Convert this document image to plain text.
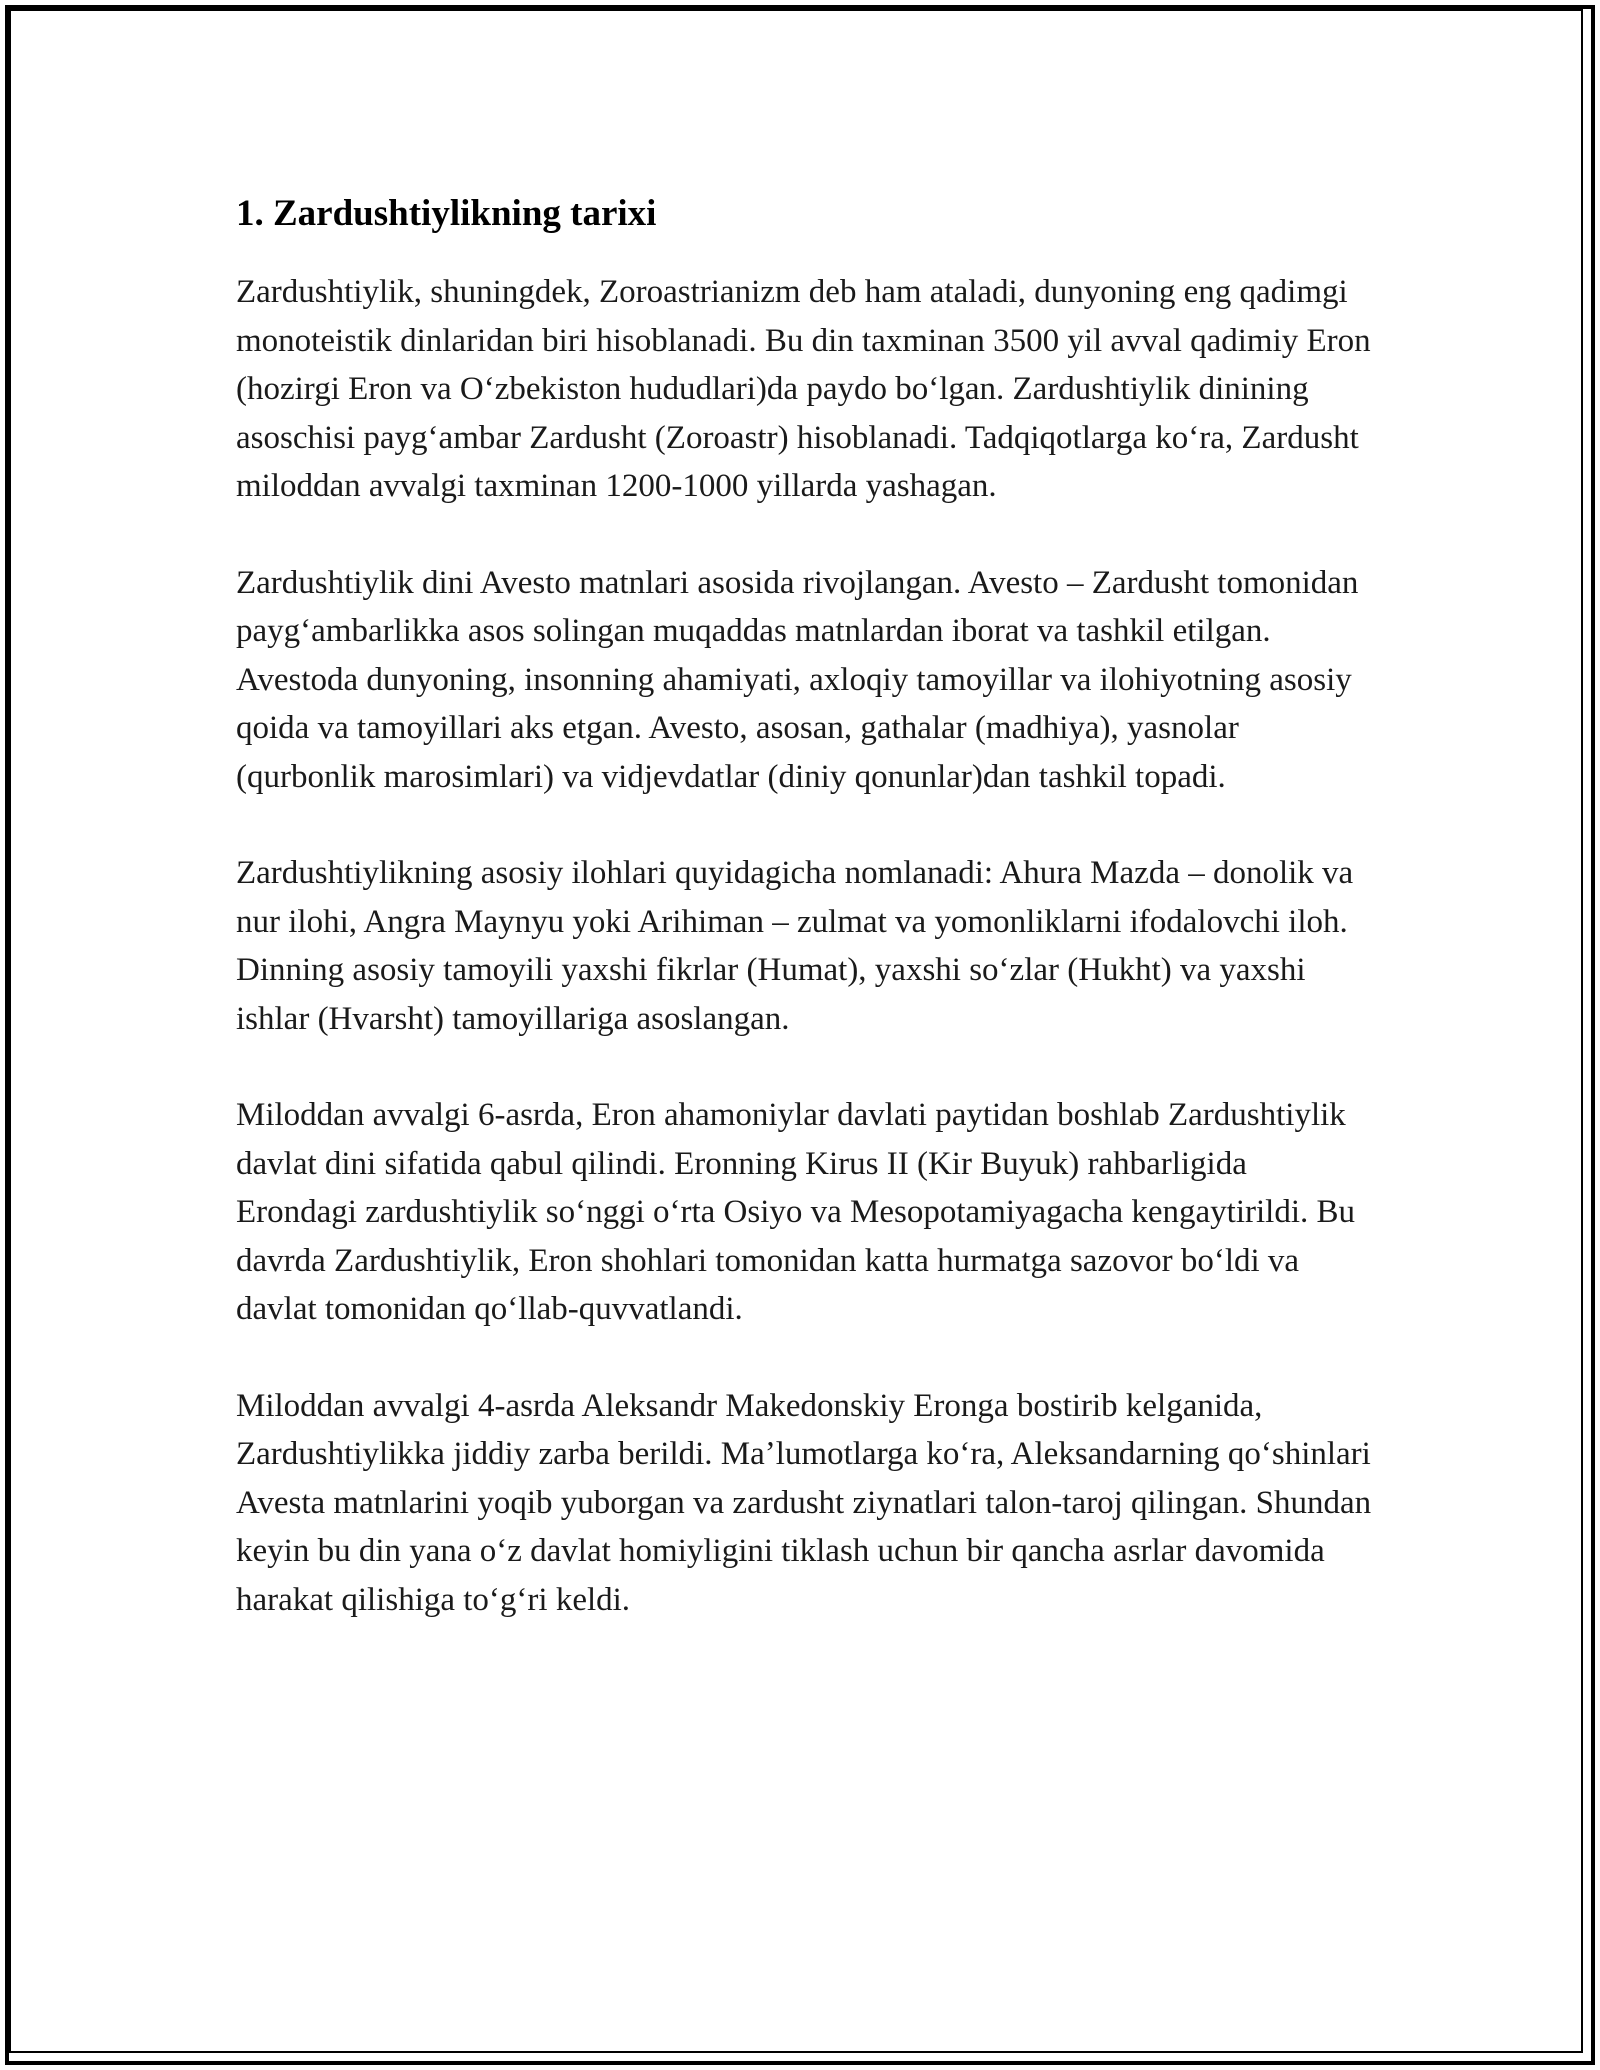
1. Zardushtiylikning tarixi

Zardushtiylik, shuningdek, Zoroastrianizm deb ham ataladi, dunyoning eng qadimgi monoteistik dinlaridan biri hisoblanadi. Bu din taxminan 3500 yil avval qadimiy Eron (hozirgi Eron va Oʻzbekiston hududlari)da paydo boʻlgan. Zardushtiylik dinining asoschisi paygʻambar Zardusht (Zoroastr) hisoblanadi. Tadqiqotlarga koʻra, Zardusht miloddan avvalgi taxminan 1200-1000 yillarda yashagan.

Zardushtiylik dini Avesto matnlari asosida rivojlangan. Avesto – Zardusht tomonidan paygʻambarlikka asos solingan muqaddas matnlardan iborat va tashkil etilgan. Avestoda dunyoning, insonning ahamiyati, axloqiy tamoyillar va ilohiyotning asosiy qoida va tamoyillari aks etgan. Avesto, asosan, gathalar (madhiya), yasnolar (qurbonlik marosimlari) va vidjevdatlar (diniy qonunlar)dan tashkil topadi.

Zardushtiylikning asosiy ilohlari quyidagicha nomlanadi: Ahura Mazda – donolik va nur ilohi, Angra Maynyu yoki Arihiman – zulmat va yomonliklarni ifodalovchi iloh. Dinning asosiy tamoyili yaxshi fikrlar (Humat), yaxshi soʻzlar (Hukht) va yaxshi ishlar (Hvarsht) tamoyillariga asoslangan.

Miloddan avvalgi 6-asrda, Eron ahamoniylar davlati paytidan boshlab Zardushtiylik davlat dini sifatida qabul qilindi. Eronning Kirus II (Kir Buyuk) rahbarligida Erondagi zardushtiylik soʻnggi oʻrta Osiyo va Mesopotamiyagacha kengaytirildi. Bu davrda Zardushtiylik, Eron shohlari tomonidan katta hurmatga sazovor boʻldi va davlat tomonidan qoʻllab-quvvatlandi.

Miloddan avvalgi 4-asrda Aleksandr Makedonskiy Eronga bostirib kelganida, Zardushtiylikka jiddiy zarba berildi. Maʼlumotlarga koʻra, Aleksandarning qoʻshinlari Avesta matnlarini yoqib yuborgan va zardusht ziynatlari talon-taroj qilingan. Shundan keyin bu din yana oʻz davlat homiyligini tiklash uchun bir qancha asrlar davomida harakat qilishiga toʻgʻri keldi.
